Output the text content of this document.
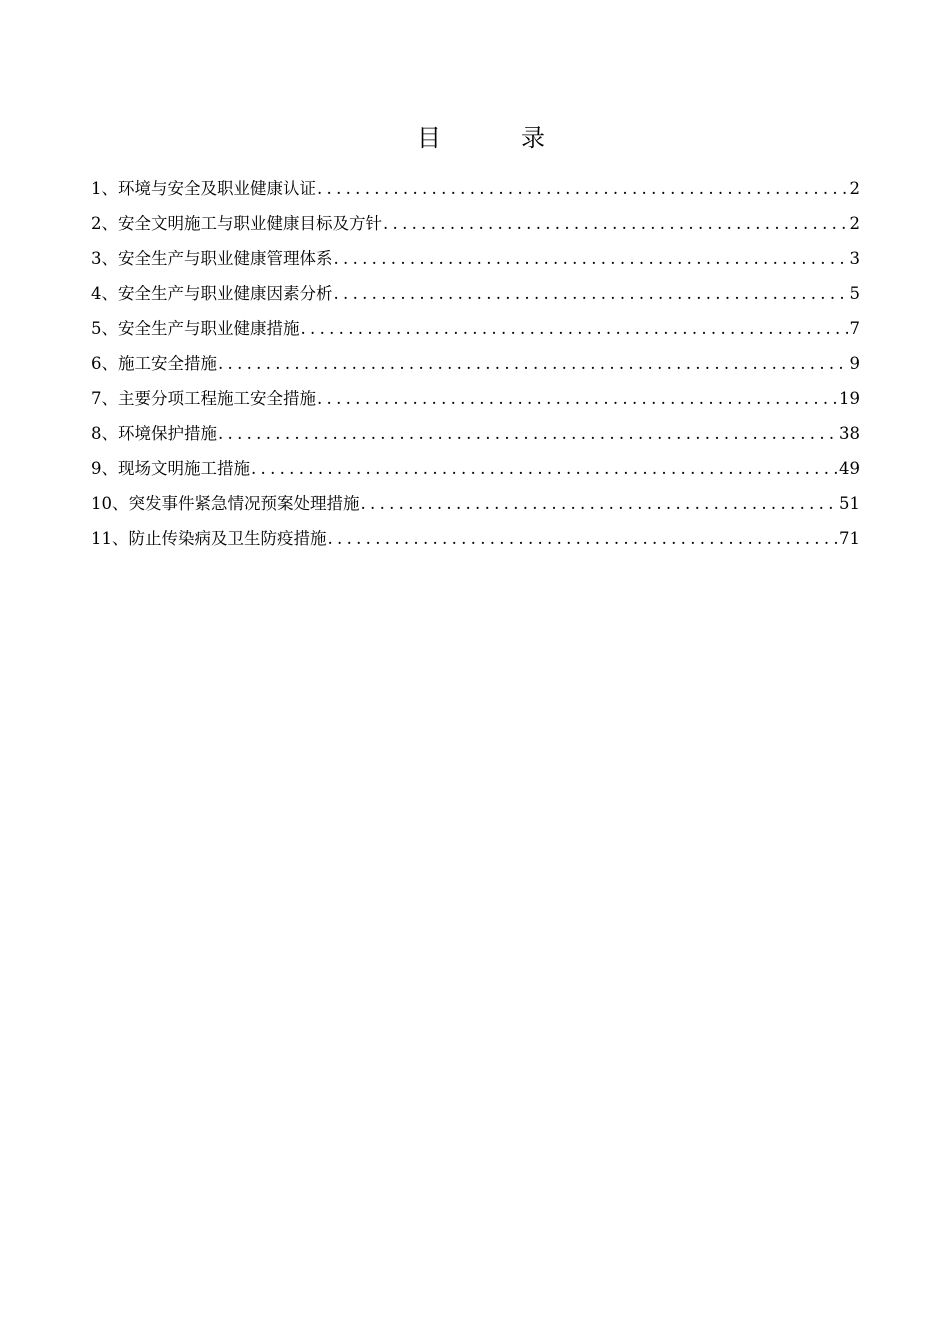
目　录
1、环境与安全及职业健康认证 .....	2
2、安全文明施工与职业健康目标及方针 .....	2
3、安全生产与职业健康管理体系 .....	3
4、安全生产与职业健康因素分析 .....	5
5、安全生产与职业健康措施 .....	7
6、施工安全措施 .....	9
7、主要分项工程施工安全措施 .....	19
8、环境保护措施 .....	38
9、现场文明施工措施 .....	49
10、突发事件紧急情况预案处理措施 .....	51
11、防止传染病及卫生防疫措施 .....	71
